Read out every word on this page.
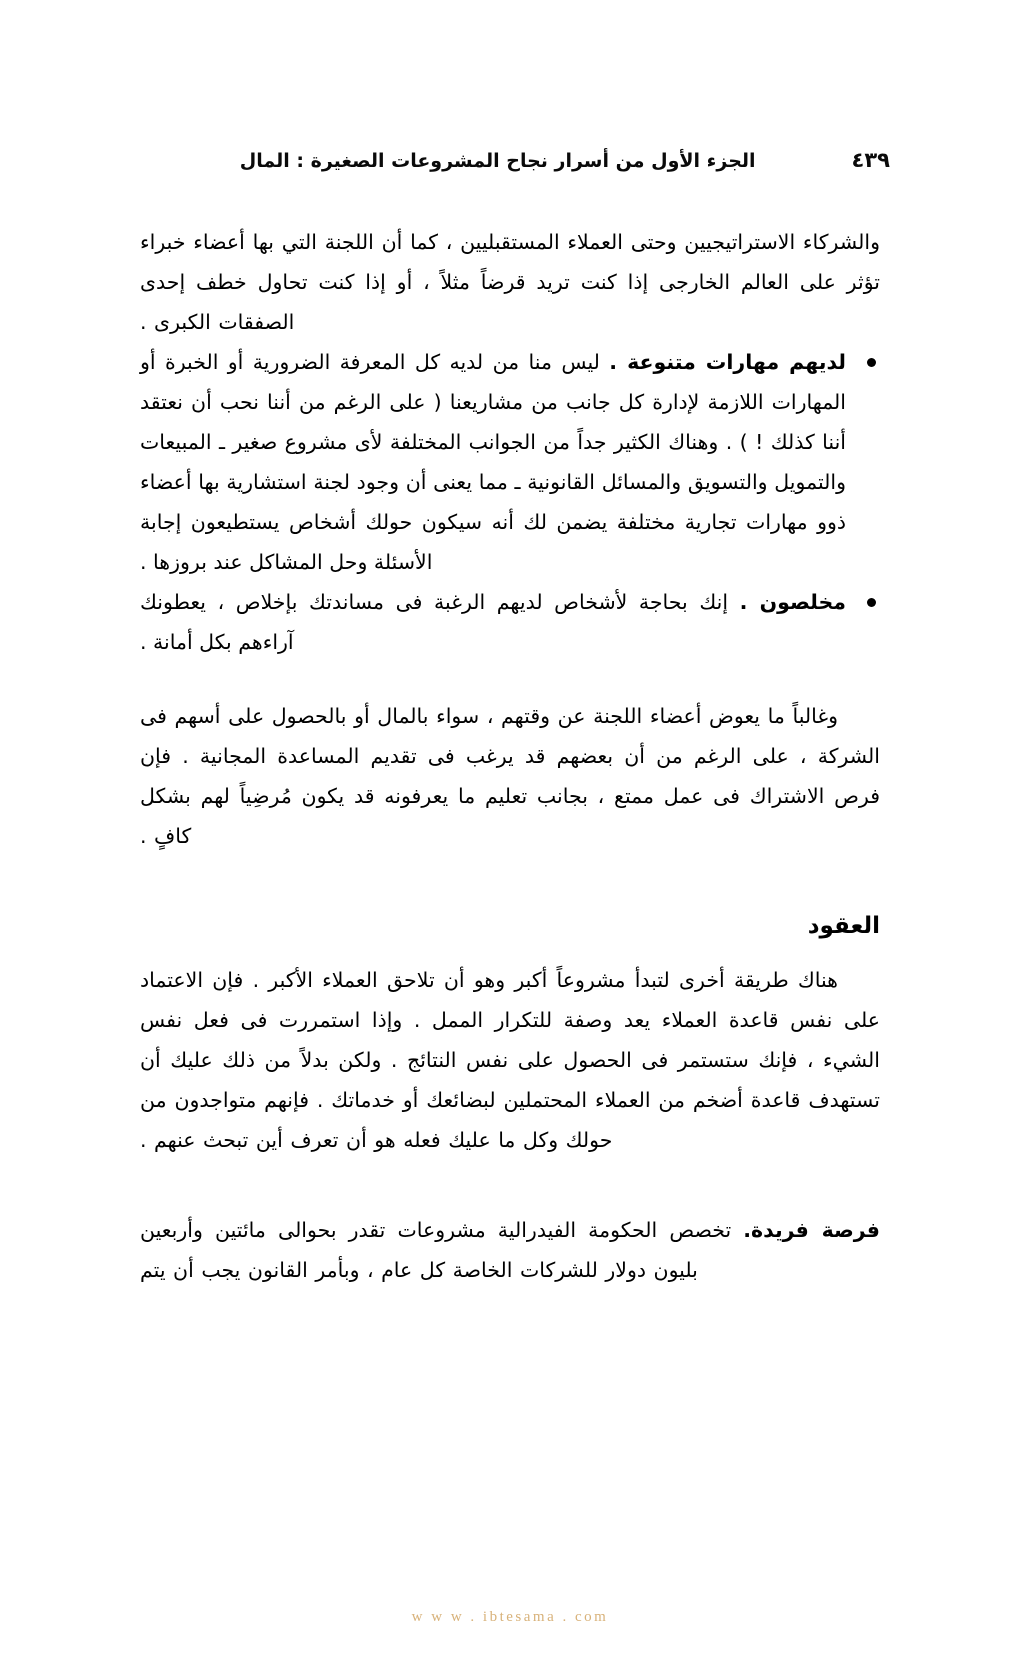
٤٣٩
الجزء الأول من أسرار نجاح المشروعات الصغيرة : المال

والشركاء الاستراتيجيين وحتى العملاء المستقبليين ، كما أن اللجنة التي بها أعضاء خبراء تؤثر على العالم الخارجى إذا كنت تريد قرضاً مثلاً ، أو إذا كنت تحاول خطف إحدى الصفقات الكبرى .

لديهم مهارات متنوعة . ليس منا من لديه كل المعرفة الضرورية أو الخبرة أو المهارات اللازمة لإدارة كل جانب من مشاريعنا ( على الرغم من أننا نحب أن نعتقد أننا كذلك ! ) . وهناك الكثير جداً من الجوانب المختلفة لأى مشروع صغير ـ المبيعات والتمويل والتسويق والمسائل القانونية ـ مما يعنى أن وجود لجنة استشارية بها أعضاء ذوو مهارات تجارية مختلفة يضمن لك أنه سيكون حولك أشخاص يستطيعون إجابة الأسئلة وحل المشاكل عند بروزها .

مخلصون . إنك بحاجة لأشخاص لديهم الرغبة فى مساندتك بإخلاص ، يعطونك آراءهم بكل أمانة .

وغالباً ما يعوض أعضاء اللجنة عن وقتهم ، سواء بالمال أو بالحصول على أسهم فى الشركة ، على الرغم من أن بعضهم قد يرغب فى تقديم المساعدة المجانية . فإن فرص الاشتراك فى عمل ممتع ، بجانب تعليم ما يعرفونه قد يكون مُرضِياً لهم بشكل كافٍ .

العقود

هناك طريقة أخرى لتبدأ مشروعاً أكبر وهو أن تلاحق العملاء الأكبر . فإن الاعتماد على نفس قاعدة العملاء يعد وصفة للتكرار الممل . وإذا استمررت فى فعل نفس الشيء ، فإنك ستستمر فى الحصول على نفس النتائج . ولكن بدلاً من ذلك عليك أن تستهدف قاعدة أضخم من العملاء المحتملين لبضائعك أو خدماتك . فإنهم متواجدون من حولك وكل ما عليك فعله هو أن تعرف أين تبحث عنهم .

فرصة فريدة. تخصص الحكومة الفيدرالية مشروعات تقدر بحوالى مائتين وأربعين بليون دولار للشركات الخاصة كل عام ، وبأمر القانون يجب أن يتم

w w w . ibtesama . com
